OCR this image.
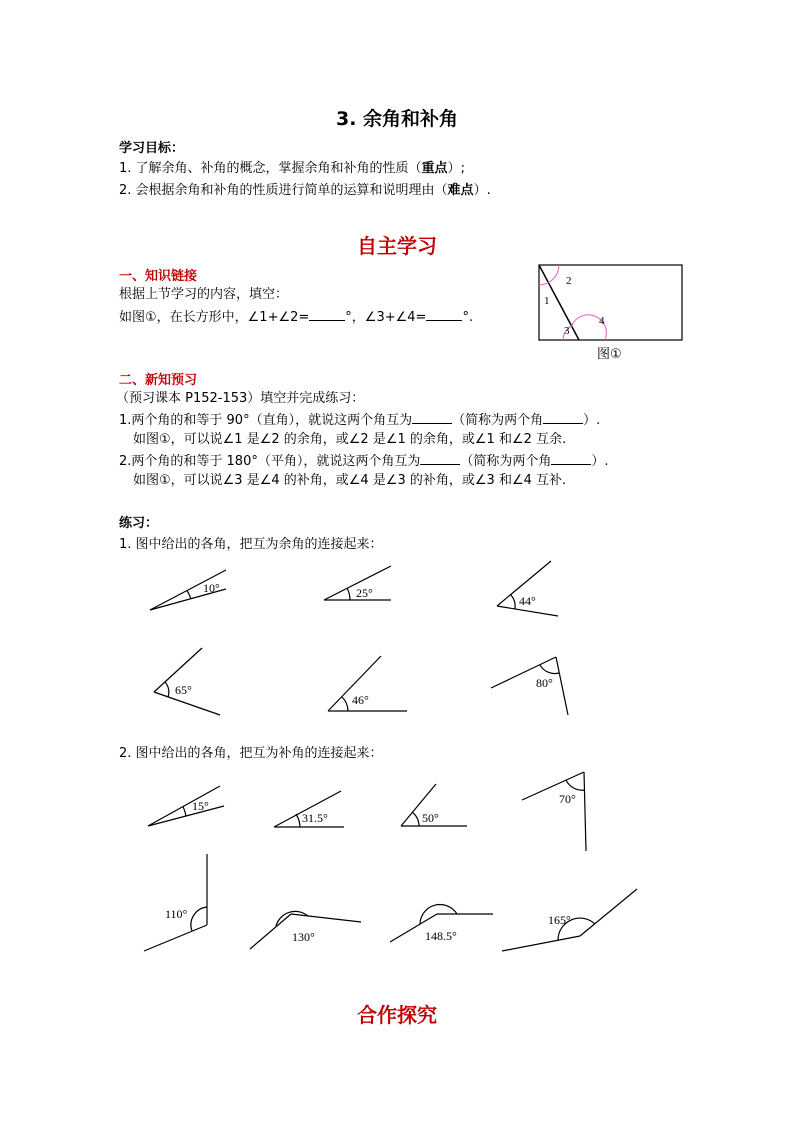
3. 余角和补角
学习目标：
1. 了解余角、补角的概念，掌握余角和补角的性质（重点）;
2. 会根据余角和补角的性质进行简单的运算和说明理由（难点）.
自主学习
一、知识链接
根据上节学习的内容，填空：
如图①，在长方形中，∠1+∠2=	°，∠3+∠4=	°.
1
2
3
4
图①
二、新知预习
（预习课本 P152-153）填空并完成练习：
1.两个角的和等于 90°（直角），就说这两个角互为	（简称为两个角	）.
如图①，可以说∠1 是∠2 的余角，或∠2 是∠1 的余角，或∠1 和∠2 互余.
2.两个角的和等于 180°（平角），就说这两个角互为	（简称为两个角	）.
如图①，可以说∠3 是∠4 的补角，或∠4 是∠3 的补角，或∠3 和∠4 互补.
练习：
1. 图中给出的各角，把互为余角的连接起来：
10°	25°
44°
65°
46°
80°
2. 图中给出的各角，把互为补角的连接起来：
15°
31.5°	50°
70°
110°
130°	148.5°
165°
合作探究
